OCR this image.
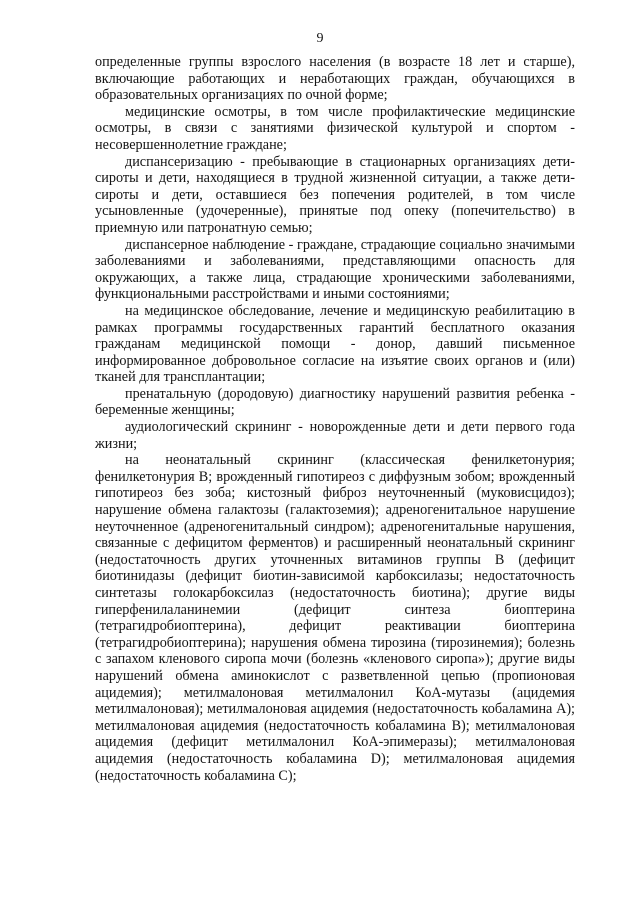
9

определенные группы взрослого населения (в возрасте 18 лет и старше), включающие работающих и неработающих граждан, обучающихся в образовательных организациях по очной форме;

медицинские осмотры, в том числе профилактические медицинские осмотры, в связи с занятиями физической культурой и спортом - несовершеннолетние граждане;

диспансеризацию - пребывающие в стационарных организациях дети-сироты и дети, находящиеся в трудной жизненной ситуации, а также дети-сироты и дети, оставшиеся без попечения родителей, в том числе усыновленные (удочеренные), принятые под опеку (попечительство) в приемную или патронатную семью;

диспансерное наблюдение - граждане, страдающие социально значимыми заболеваниями и заболеваниями, представляющими опасность для окружающих, а также лица, страдающие хроническими заболеваниями, функциональными расстройствами и иными состояниями;

на медицинское обследование, лечение и медицинскую реабилитацию в рамках программы государственных гарантий бесплатного оказания гражданам медицинской помощи - донор, давший письменное информированное добровольное согласие на изъятие своих органов и (или) тканей для трансплантации;

пренатальную (дородовую) диагностику нарушений развития ребенка - беременные женщины;

аудиологический скрининг - новорожденные дети и дети первого года жизни;

на неонатальный скрининг (классическая фенилкетонурия; фенилкетонурия В; врожденный гипотиреоз с диффузным зобом; врожденный гипотиреоз без зоба; кистозный фиброз неуточненный (муковисцидоз); нарушение обмена галактозы (галактоземия); адреногенитальное нарушение неуточненное (адреногенитальный синдром); адреногенитальные нарушения, связанные с дефицитом ферментов) и расширенный неонатальный скрининг (недостаточность других уточненных витаминов группы В (дефицит биотинидазы (дефицит биотин-зависимой карбоксилазы; недостаточность синтетазы голокарбоксилаз (недостаточность биотина); другие виды гиперфенилаланинемии (дефицит синтеза биоптерина (тетрагидробиоптерина), дефицит реактивации биоптерина (тетрагидробиоптерина); нарушения обмена тирозина (тирозинемия); болезнь с запахом кленового сиропа мочи (болезнь «кленового сиропа»); другие виды нарушений обмена аминокислот с разветвленной цепью (пропионовая ацидемия); метилмалоновая метилмалонил КоА-мутазы (ацидемия метилмалоновая); метилмалоновая ацидемия (недостаточность кобаламина А); метилмалоновая ацидемия (недостаточность кобаламина В); метилмалоновая ацидемия (дефицит метилмалонил КоА-эпимеразы); метилмалоновая ацидемия (недостаточность кобаламина D); метилмалоновая ацидемия (недостаточность кобаламина С);
